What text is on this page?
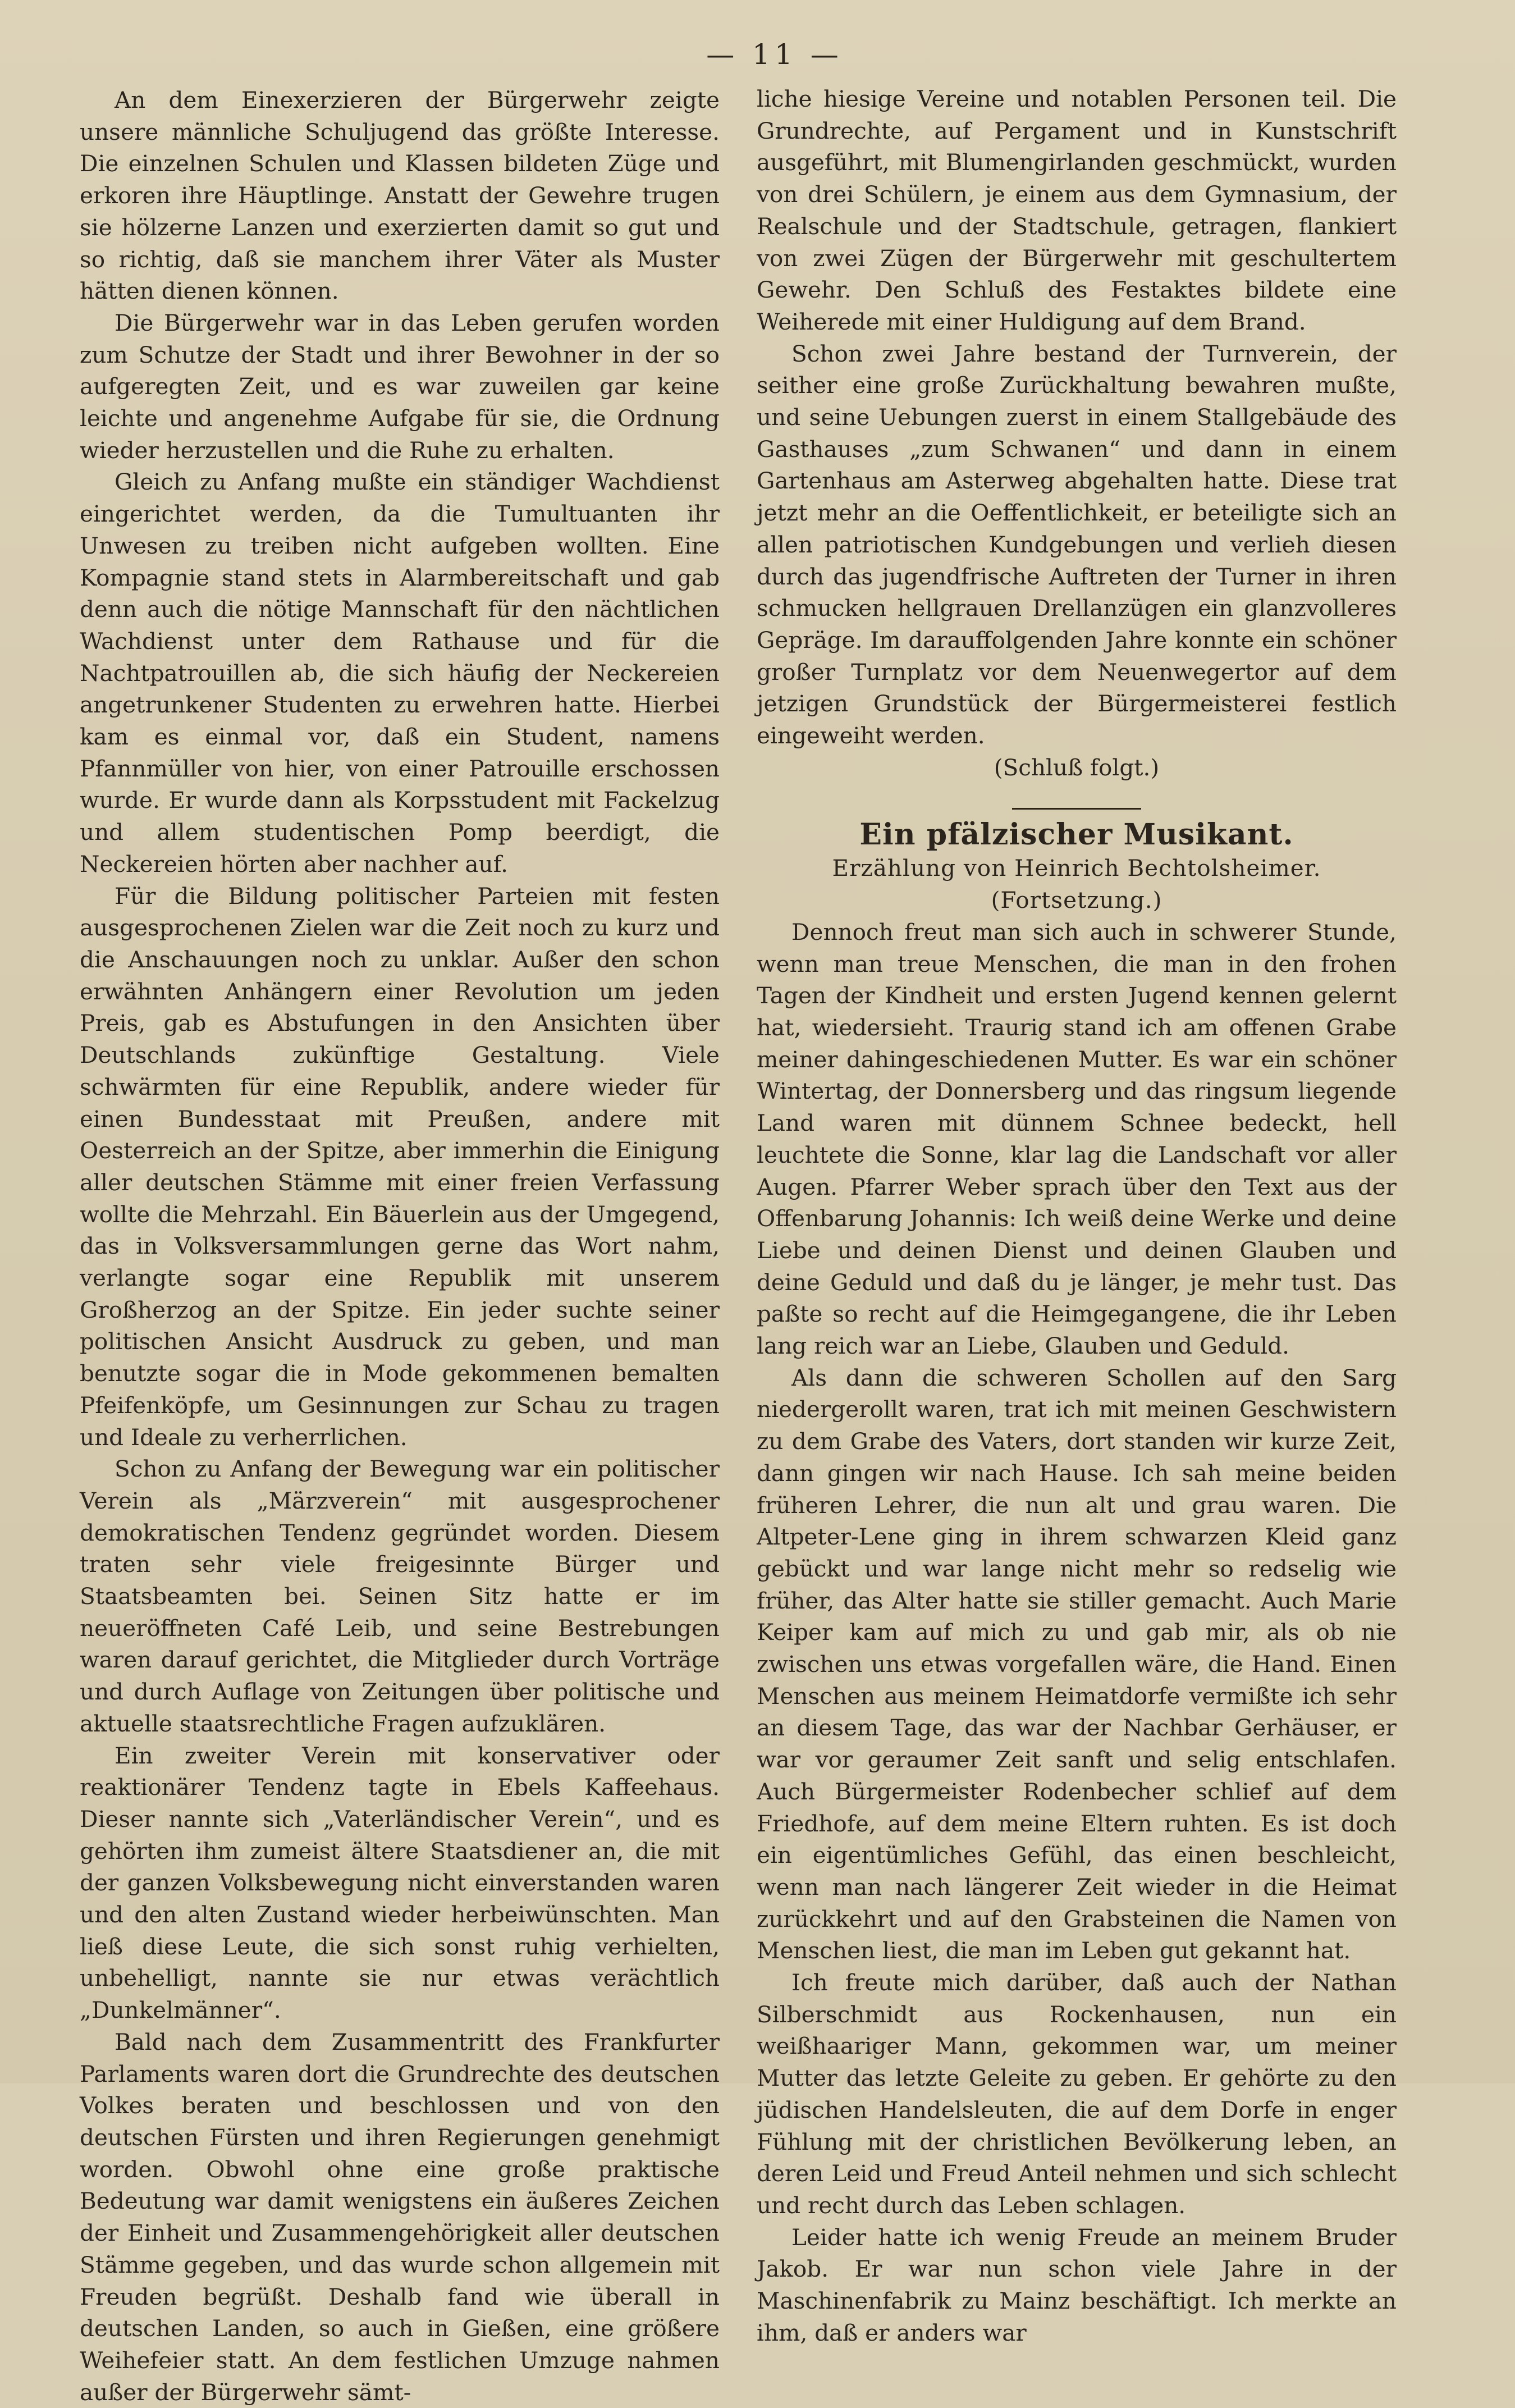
— 11 —

An dem Einexerzieren der Bürgerwehr zeigte unsere männliche Schuljugend das größte Interesse. Die einzelnen Schulen und Klassen bildeten Züge und erkoren ihre Häuptlinge. Anstatt der Gewehre trugen sie hölzerne Lanzen und exerzierten damit so gut und so richtig, daß sie manchem ihrer Väter als Muster hätten dienen können.

Die Bürgerwehr war in das Leben gerufen worden zum Schutze der Stadt und ihrer Bewohner in der so aufgeregten Zeit, und es war zuweilen gar keine leichte und angenehme Aufgabe für sie, die Ordnung wieder herzustellen und die Ruhe zu erhalten.

Gleich zu Anfang mußte ein ständiger Wachdienst eingerichtet werden, da die Tumultuanten ihr Unwesen zu treiben nicht aufgeben wollten. Eine Kompagnie stand stets in Alarmbereitschaft und gab denn auch die nötige Mannschaft für den nächtlichen Wachdienst unter dem Rathause und für die Nachtpatrouillen ab, die sich häufig der Neckereien angetrunkener Studenten zu erwehren hatte. Hierbei kam es einmal vor, daß ein Student, namens Pfannmüller von hier, von einer Patrouille erschossen wurde. Er wurde dann als Korpsstudent mit Fackelzug und allem studentischen Pomp beerdigt, die Neckereien hörten aber nachher auf.

Für die Bildung politischer Parteien mit festen ausgesprochenen Zielen war die Zeit noch zu kurz und die Anschauungen noch zu unklar. Außer den schon erwähnten Anhängern einer Revolution um jeden Preis, gab es Abstufungen in den Ansichten über Deutschlands zukünftige Gestaltung. Viele schwärmten für eine Republik, andere wieder für einen Bundesstaat mit Preußen, andere mit Oesterreich an der Spitze, aber immerhin die Einigung aller deutschen Stämme mit einer freien Verfassung wollte die Mehrzahl. Ein Bäuerlein aus der Umgegend, das in Volksversammlungen gerne das Wort nahm, verlangte sogar eine Republik mit unserem Großherzog an der Spitze. Ein jeder suchte seiner politischen Ansicht Ausdruck zu geben, und man benutzte sogar die in Mode gekommenen bemalten Pfeifenköpfe, um Gesinnungen zur Schau zu tragen und Ideale zu verherrlichen.

Schon zu Anfang der Bewegung war ein politischer Verein als „Märzverein“ mit ausgesprochener demokratischen Tendenz gegründet worden. Diesem traten sehr viele freigesinnte Bürger und Staatsbeamten bei. Seinen Sitz hatte er im neueröffneten Café Leib, und seine Bestrebungen waren darauf gerichtet, die Mitglieder durch Vorträge und durch Auflage von Zeitungen über politische und aktuelle staatsrechtliche Fragen aufzuklären.

Ein zweiter Verein mit konservativer oder reaktionärer Tendenz tagte in Ebels Kaffeehaus. Dieser nannte sich „Vaterländischer Verein“, und es gehörten ihm zumeist ältere Staatsdiener an, die mit der ganzen Volksbewegung nicht einverstanden waren und den alten Zustand wieder herbeiwünschten. Man ließ diese Leute, die sich sonst ruhig verhielten, unbehelligt, nannte sie nur etwas verächtlich „Dunkelmänner“.

Bald nach dem Zusammentritt des Frankfurter Parlaments waren dort die Grundrechte des deutschen Volkes beraten und beschlossen und von den deutschen Fürsten und ihren Regierungen genehmigt worden. Obwohl ohne eine große praktische Bedeutung war damit wenigstens ein äußeres Zeichen der Einheit und Zusammengehörigkeit aller deutschen Stämme gegeben, und das wurde schon allgemein mit Freuden begrüßt. Deshalb fand wie überall in deutschen Landen, so auch in Gießen, eine größere Weihefeier statt. An dem festlichen Umzuge nahmen außer der Bürgerwehr sämt-

liche hiesige Vereine und notablen Personen teil. Die Grundrechte, auf Pergament und in Kunstschrift ausgeführt, mit Blumengirlanden geschmückt, wurden von drei Schülern, je einem aus dem Gymnasium, der Realschule und der Stadtschule, getragen, flankiert von zwei Zügen der Bürgerwehr mit geschultertem Gewehr. Den Schluß des Festaktes bildete eine Weiherede mit einer Huldigung auf dem Brand.

Schon zwei Jahre bestand der Turnverein, der seither eine große Zurückhaltung bewahren mußte, und seine Uebungen zuerst in einem Stallgebäude des Gasthauses „zum Schwanen“ und dann in einem Gartenhaus am Asterweg abgehalten hatte. Diese trat jetzt mehr an die Oeffentlichkeit, er beteiligte sich an allen patriotischen Kundgebungen und verlieh diesen durch das jugendfrische Auftreten der Turner in ihren schmucken hellgrauen Drellanzügen ein glanzvolleres Gepräge. Im darauffolgenden Jahre konnte ein schöner großer Turnplatz vor dem Neuenwegertor auf dem jetzigen Grundstück der Bürgermeisterei festlich eingeweiht werden.

(Schluß folgt.)

Ein pfälzischer Musikant.

Erzählung von Heinrich Bechtolsheimer.

(Fortsetzung.)

Dennoch freut man sich auch in schwerer Stunde, wenn man treue Menschen, die man in den frohen Tagen der Kindheit und ersten Jugend kennen gelernt hat, wiedersieht. Traurig stand ich am offenen Grabe meiner dahingeschiedenen Mutter. Es war ein schöner Wintertag, der Donnersberg und das ringsum liegende Land waren mit dünnem Schnee bedeckt, hell leuchtete die Sonne, klar lag die Landschaft vor aller Augen. Pfarrer Weber sprach über den Text aus der Offenbarung Johannis: Ich weiß deine Werke und deine Liebe und deinen Dienst und deinen Glauben und deine Geduld und daß du je länger, je mehr tust. Das paßte so recht auf die Heimgegangene, die ihr Leben lang reich war an Liebe, Glauben und Geduld.

Als dann die schweren Schollen auf den Sarg niedergerollt waren, trat ich mit meinen Geschwistern zu dem Grabe des Vaters, dort standen wir kurze Zeit, dann gingen wir nach Hause. Ich sah meine beiden früheren Lehrer, die nun alt und grau waren. Die Altpeter-Lene ging in ihrem schwarzen Kleid ganz gebückt und war lange nicht mehr so redselig wie früher, das Alter hatte sie stiller gemacht. Auch Marie Keiper kam auf mich zu und gab mir, als ob nie zwischen uns etwas vorgefallen wäre, die Hand. Einen Menschen aus meinem Heimatdorfe vermißte ich sehr an diesem Tage, das war der Nachbar Gerhäuser, er war vor geraumer Zeit sanft und selig entschlafen. Auch Bürgermeister Rodenbecher schlief auf dem Friedhofe, auf dem meine Eltern ruhten. Es ist doch ein eigentümliches Gefühl, das einen beschleicht, wenn man nach längerer Zeit wieder in die Heimat zurückkehrt und auf den Grabsteinen die Namen von Menschen liest, die man im Leben gut gekannt hat.

Ich freute mich darüber, daß auch der Nathan Silberschmidt aus Rockenhausen, nun ein weißhaariger Mann, gekommen war, um meiner Mutter das letzte Geleite zu geben. Er gehörte zu den jüdischen Handelsleuten, die auf dem Dorfe in enger Fühlung mit der christlichen Bevölkerung leben, an deren Leid und Freud Anteil nehmen und sich schlecht und recht durch das Leben schlagen.

Leider hatte ich wenig Freude an meinem Bruder Jakob. Er war nun schon viele Jahre in der Maschinenfabrik zu Mainz beschäftigt. Ich merkte an ihm, daß er anders war
